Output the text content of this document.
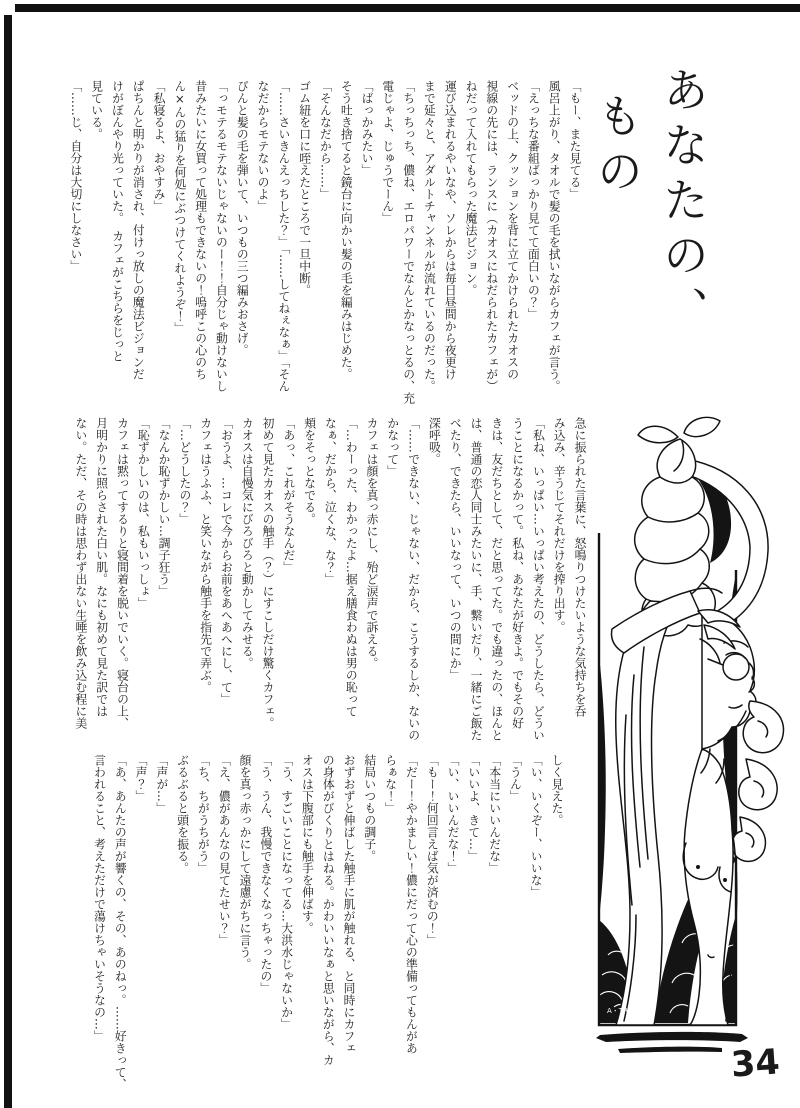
あなたの、

もの

「もー、また見てる」

風呂上がり、タオルで髪の毛を拭いながらカフェが言う。

「えっちな番組ばっかり見てて面白いの？」

ベッドの上、クッションを背に立てかけられたカオスの

視線の先には、ランスに（カオスにねだられたカフェが）

ねだって入れてもらった魔法ビジョン。

運び込まれるやいなや、ソレからは毎日昼間から夜更け

まで延々と、アダルトチャンネルが流れているのだった。

「ちっちっち、儂ね、エロパワーでなんとかなっとるの、充

電じゃよ、じゅうでーん」

「ばっかみたい」

そう吐き捨てると鏡台に向かい髪の毛を編みはじめた。

「そんなだから……」

ゴム紐を口に咥えたところで一旦中断。

「……さいきんえっちした？」「……してねぇなぁ」「そん

なだからモテないのよ」

ぴんと髪の毛を弾いて、いつもの三つ編みおさげ。

「っモテるモテないじゃないのー！！自分じゃ動けないし

昔みたいに女買って処理もできないの！嗚呼この心のち

ん×んの猛りを何処にぶつけてくれようぞ！」

「私寝るよ、おやすみ」

ぱちんと明かりが消され、付けっ放しの魔法ビジョンだ

けがぼんやり光っていた。　カフェがこちらをじっと

見ている。

「……じ、自分は大切にしなさい」

急に振られた言葉に、怒鳴りつけたいような気持ちを呑

み込み、辛うじてそれだけを搾り出す。

「私ね、いっぱい…いっぱい考えたの、どうしたら、どうい

うことになるかって。私ね、あなたが好きよ。でもその好

きは、友だちとして、だと思ってた。でも違ったの、ほんと

は、普通の恋人同士みたいに、手、繋いだり、一緒にご飯た

べたり、できたら、いいなって、いつの間にか」

深呼吸。

「……できない、じゃない、だから、こうするしか、ないの

かなって」

カフェは顔を真っ赤にし、殆ど涙声で訴える。

「…わーった、わかったよ…据え膳食わぬは男の恥って

なぁ、だから、泣くな、な？」

頬をそっとなでる。

「あっ、これがそうなんだ」

初めて見たカオスの触手（？）にすこしだけ驚くカフェ。

カオスは自慢気にびろびろと動かしてみせる。

「おうよ、…コレで今からお前をあへあへにし、て」

カフェはうふふ、と笑いながら触手を指先で弄ぶ。

「…どうしたの？」

「なんか恥ずかしい…調子狂う」

「恥ずかしいのは、私もいっしょ」

カフェは黙ってするりと寝間着を脱いでいく。寝台の上、

月明かりに照らされた白い肌。なにも初めて見た訳では

ない。ただ、その時は思わず出ない生唾を飲み込む程に美

しく見えた。

「い、いくぞー、いいな」

「うん」

「本当にいいんだな」

「いいよ、きて…」

「い、いいんだな！」

「もー！何回言えば気が済むの！」

「だー！やかましい！儂にだって心の準備ってもんがあ

らぁな！」

結局いつもの調子。

おずおずと伸ばした触手に肌が触れる、と同時にカフェ

の身体がびくりとはねる。かわいいなぁと思いながら、カ

オスは下腹部にも触手を伸ばす。

「う、すごいことになってる…大洪水じゃないか」

「う、うん、我慢できなくなっちゃったの」

顔を真っ赤っかにして遠慮がちに言う。

「え、儂があんなの見てたせい？」

「ち、ちがうちがう」

ぶるぶると頭を振る。

「声が…」

「声？」

「あ、あんたの声が響くの、その、あのねっ。……好きって、

言われること、考えただけで蕩けちゃいそうなの…」	A・TRUE
34
